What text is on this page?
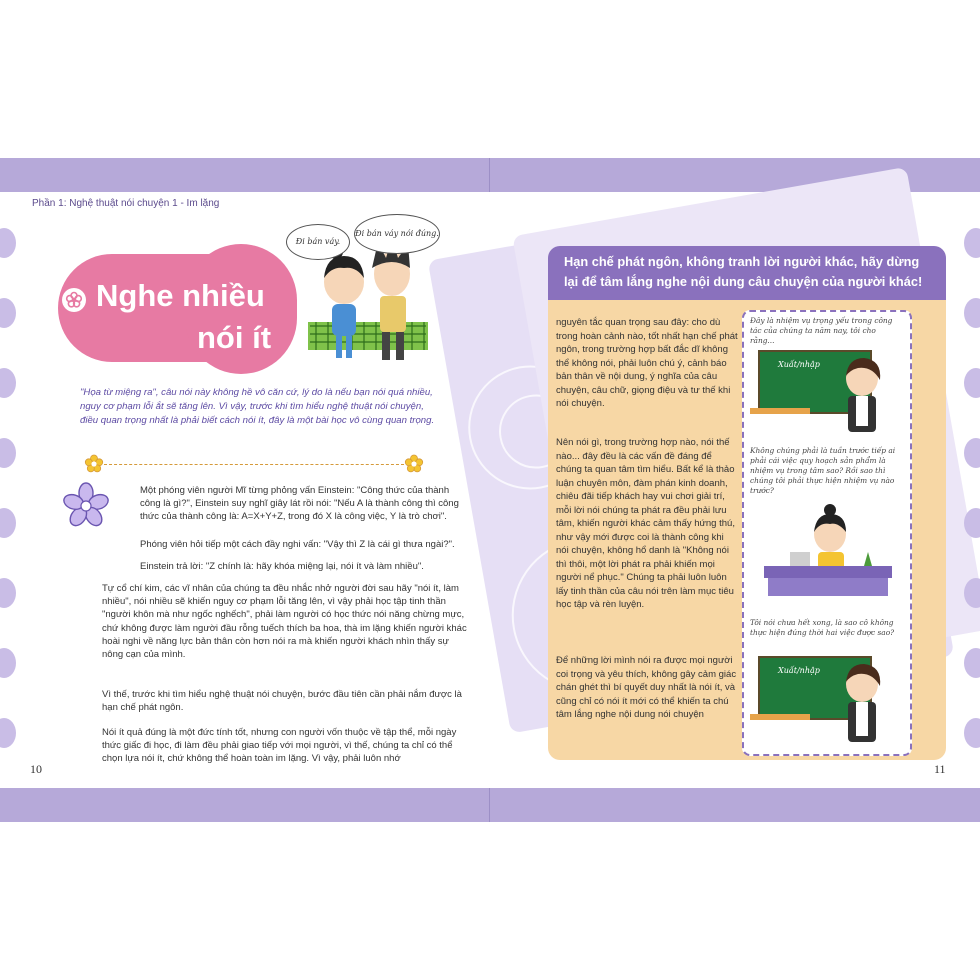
Phần 1: Nghệ thuật nói chuyện 1 - Im lặng
Nghe nhiều
nói ít
Đi bán váy.
Đi bán váy nói đúng.
"Họa từ miệng ra", câu nói này không hề vô căn cứ, lý do là nếu bạn nói quá nhiều, nguy cơ phạm lỗi ắt sẽ tăng lên. Vì vậy, trước khi tìm hiểu nghệ thuật nói chuyện, điều quan trọng nhất là phải biết cách nói ít, đây là một bài học vô cùng quan trọng.
Một phóng viên người Mĩ từng phỏng vấn Einstein: "Công thức của thành công là gì?", Einstein suy nghĩ giây lát rồi nói: "Nếu A là thành công thì công thức của thành công là: A=X+Y+Z, trong đó X là công việc, Y là trò chơi".
Phóng viên hỏi tiếp một cách đầy nghi vấn: "Vậy thì Z là cái gì thưa ngài?".
Einstein trả lời: "Z chính là: hãy khóa miệng lại, nói ít và làm nhiều".
Tự cổ chí kim, các vĩ nhân của chúng ta đều nhắc nhở người đời sau hãy "nói ít, làm nhiều", nói nhiều sẽ khiến nguy cơ phạm lỗi tăng lên, vì vậy phải học tập tinh thần "người khôn mà như ngốc nghếch", phải làm người có học thức nói năng chừng mực, chứ không được làm người đầu rỗng tuếch thích ba hoa, thà im lặng khiến người khác hoài nghi về năng lực bản thân còn hơn nói ra mà khiến người khách nhìn thấy sự nông cạn của mình.
Vì thế, trước khi tìm hiểu nghệ thuật nói chuyện, bước đầu tiên cần phải nắm được là hạn chế phát ngôn.
Nói ít quả đúng là một đức tính tốt, nhưng con người vốn thuộc về tập thể, mỗi ngày thức giấc đi học, đi làm đều phải giao tiếp với mọi người, vì thế, chúng ta chỉ có thể chọn lựa nói ít, chứ không thể hoàn toàn im lặng. Vì vậy, phải luôn nhớ
10
Hạn chế phát ngôn, không tranh lời người khác, hãy dừng lại để tâm lắng nghe nội dung câu chuyện của người khác!
nguyên tắc quan trọng sau đây: cho dù trong hoàn cảnh nào, tốt nhất hạn chế phát ngôn, trong trường hợp bất đắc dĩ không thể không nói, phải luôn chú ý, cảnh báo bản thân về nội dung, ý nghĩa của câu chuyện, câu chữ, giọng điệu và tư thế khi nói chuyện.
Nên nói gì, trong trường hợp nào, nói thế nào... đây đều là các vấn đề đáng để chúng ta quan tâm tìm hiểu. Bất kể là thảo luận chuyên môn, đàm phán kinh doanh, chiêu đãi tiếp khách hay vui chơi giải trí, mỗi lời nói chúng ta phát ra đều phải lưu tâm, khiến người khác cảm thấy hứng thú, như vậy mới được coi là thành công khi nói chuyện, không hổ danh là "Không nói thì thôi, một lời phát ra phải khiến mọi người nể phục." Chúng ta phải luôn luôn lấy tinh thần của câu nói trên làm mục tiêu học tập và rèn luyện.
Để những lời mình nói ra được mọi người coi trọng và yêu thích, không gây cảm giác chán ghét thì bí quyết duy nhất là nói ít, và cũng chỉ có nói ít mới có thể khiến ta chú tâm lắng nghe nội dung nói chuyện
Đây là nhiệm vụ trọng yếu trong công tác của chúng ta năm nay, tôi cho rằng...
Xuất/nhập
Không chúng phải là tuần trước tiếp ai phải cái việc quy hoạch sản phẩm là nhiệm vụ trong tâm sao? Rồi sao thì chúng tôi phải thực hiện nhiệm vụ nào trước?
Tôi nói chưa hết xong, là sao cô không thực hiện đúng thời hai việc được sao?
Xuất/nhập
11
